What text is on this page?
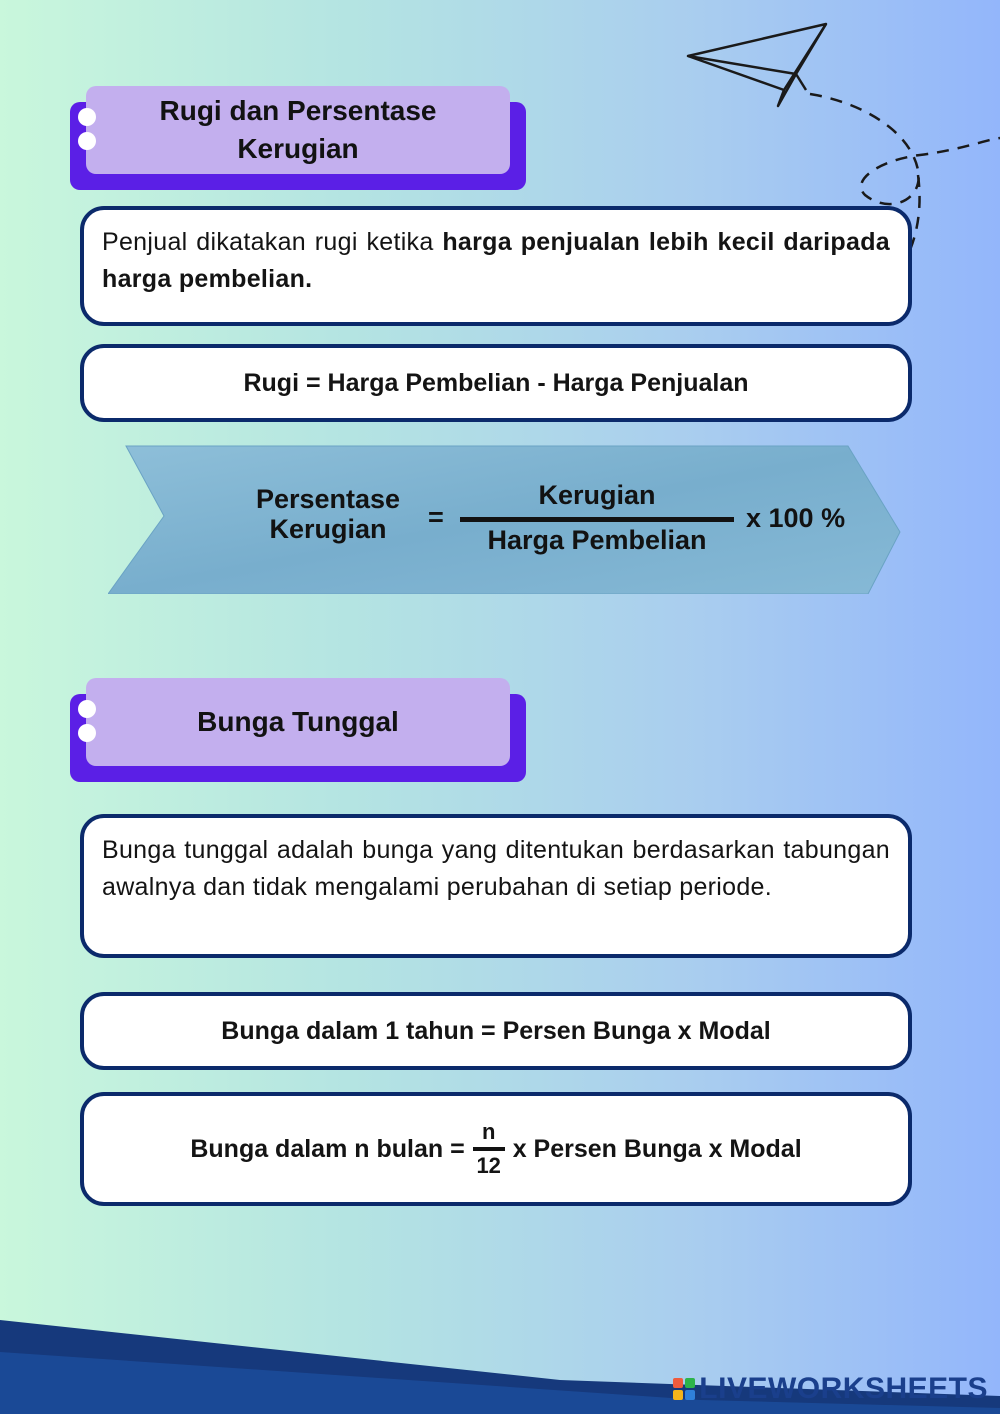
Rugi dan Persentase
Kerugian
Penjual dikatakan rugi ketika harga penjualan lebih kecil daripada harga pembelian.
Rugi = Harga Pembelian - Harga Penjualan
Persentase
Kerugian	=
Kerugian
Harga Pembelian
x 100 %
Bunga Tunggal
Bunga tunggal adalah bunga yang ditentukan berdasarkan tabungan awalnya dan tidak mengalami perubahan di setiap periode.
Bunga dalam 1 tahun = Persen Bunga x Modal
Bunga dalam n bulan = $\frac{n}{12}$ x Persen Bunga x Modal
LIVEWORKSHEETS
